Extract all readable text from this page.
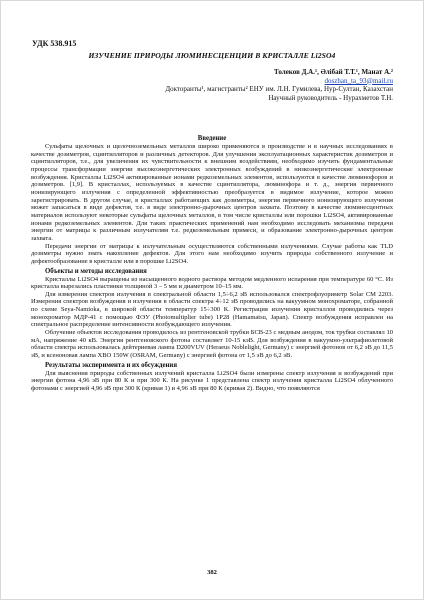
УДК 538.915
ИЗУЧЕНИЕ ПРИРОДЫ ЛЮМИНЕСЦЕНЦИИ В КРИСТАЛЛЕ Li2SO4
Толеков Д.А.¹, Әлібай Т.Т.¹, Манат А.²
doszhan_ta_93@mail.ru
Докторанты¹, магистранты² ЕНУ им. Л.Н. Гумилева, Нур-Султан, Казахстан
Научный руководитель - Нурахметов Т.Н.
Введение

Сульфаты щелочных и щелочноземельных металлов широко применяются в производстве и в научных исследованиях в качестве дозиметров, сцинтилляторов и различных детекторов. Для улучшения эксплуатационных характеристик дозиметров и сцинтилляторов, т.е., для увеличения их чувствительности к внешним воздействиям, необходимо изучить фундаментальные процессы трансформации энергии высокоэнергетических электронных возбуждений в низкоэнергетические электронные возбуждения. Кристаллы Li2SO4 активированные ионами редкоземельных элементов, используются в качестве люминофоров и дозиметров. [1,9]. В кристаллах, используемых в качестве сцинтиллятора, люминофора и т. д., энергия первичного ионизирующего излучения с определенной эффективностью преобразуется в видимое излучение, которое можно зарегистрировать. В другом случае, в кристаллах работающих как дозиметры, энергия первичного ионизирующего излучения может запасаться в виде дефектов, т.е. в виде электронно-дырочных центров захвата. Поэтому в качестве люминесцентных материалов используют некоторые сульфаты щелочных металлов, в том числе кристаллы или порошки Li2SO4, активированные ионами редкоземельных элементов. Для таких практических применений нам необходимо исследовать механизмы передачи энергии от матрицы к различным излучателям т.е. редкоземельным примеси, и образование электронно-дырочных центров захвата.

Передачи энергии от матрицы к излучательным осуществляются собственными излучениями. Случае работы как TLD дозиметры нужно знать накопление дефектов. Для этого нам необходимо изучить природы собственного излучение и дефектообразование в кристалле или в порошке Li2SO4.

Объекты и методы исследования

Кристаллы Li2SO4 выращены из насыщенного водного раствора методом медленного испарения при температуре 60 °С. Из кристалла вырезались пластинки толщиной 3 – 5 мм и диаметром 10–15 мм.

Для измерения спектров излучения в спектральной области 1,5÷6,2 эВ использовался спектрофлуориметр Solar CM 2203. Измерения спектров возбуждения и излучения в области спектра 4÷12 эВ проводились на вакуумном монохроматоре, собранной по схеме Seya-Namioka, в широкой области температур 15÷300 К. Регистрация излучения кристаллов проводились через монохроматор МДР-41 с помощью ФЭУ (Photomultiplier tube) 1P28 (Hamamatsu, Japan). Спектр возбуждения исправлен на спектральное распределение интенсивности возбуждающего излучения.

Облучение объектов исследования проводилось из рентгеновской трубки БСВ-23 с медным анодом, ток трубки составлял 10 мА, напряжение 40 кВ. Энергия рентгеновского фотона составляет 10-15 кэВ. Для возбуждения в вакуумно-ультрафиолетовой области спектра использовалась дейтериевая лампа D200VUV (Heraeus Noblelight, Germany) с энергией фотонов от 6,2 эВ до 11,5 эВ, и ксеноновая лампа XBO 150W (OSRAM, Germany) с энергией фотона от 1,5 эВ до 6,2 эВ.

Результаты эксперимента и их обсуждения

Для выяснения природы собственных излучений кристалла Li2SO4 были измерены спектр излучения и возбуждений при энергии фотона 4,96 эВ при 80 К и при 300 К. На рисунке 1 представлена спектр излучения кристалла Li2SO4 облученного фотонами с энергией 4,96 эВ при 300 К (кривая 1) и 4,96 эВ при 80 К (кривая 2). Видно, что появляются

382
